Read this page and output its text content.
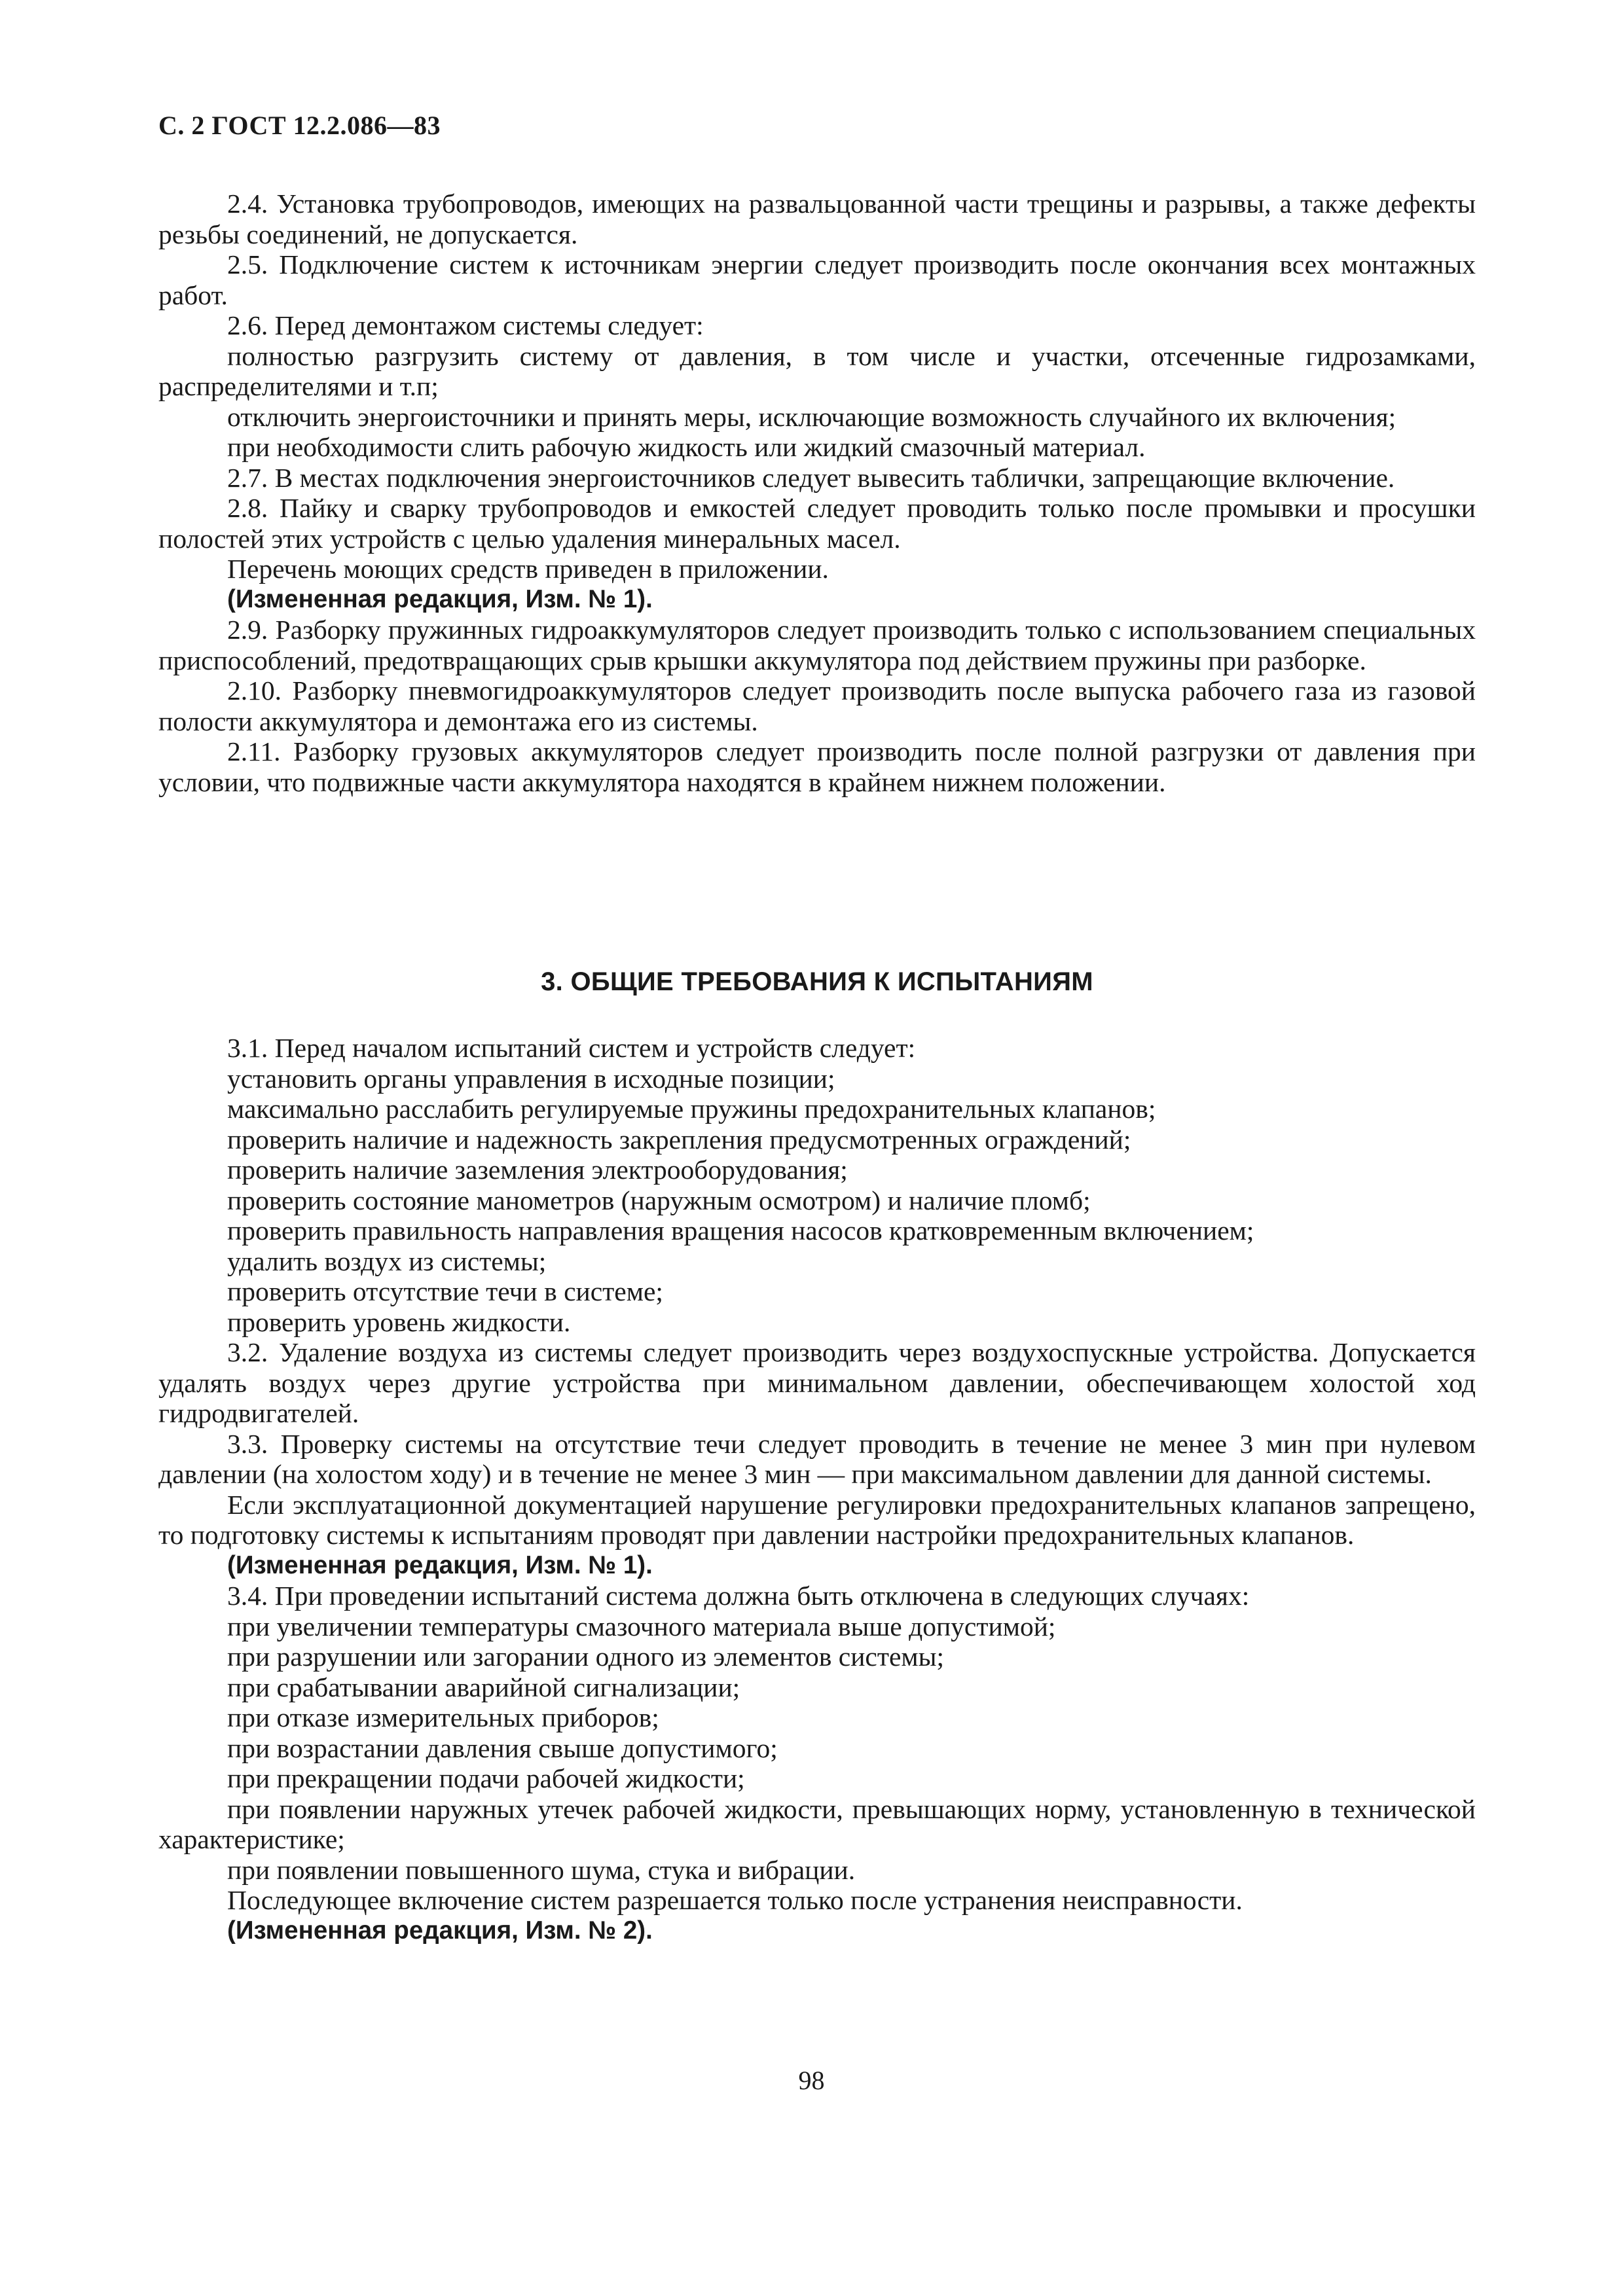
С. 2 ГОСТ 12.2.086—83

2.4. Установка трубопроводов, имеющих на развальцованной части трещины и разрывы, а также дефекты резьбы соединений, не допускается.

2.5. Подключение систем к источникам энергии следует производить после окончания всех монтажных работ.

2.6. Перед демонтажом системы следует:

полностью разгрузить систему от давления, в том числе и участки, отсеченные гидрозамками, распределителями и т.п;

отключить энергоисточники и принять меры, исключающие возможность случайного их включения;

при необходимости слить рабочую жидкость или жидкий смазочный материал.

2.7. В местах подключения энергоисточников следует вывесить таблички, запрещающие включение.

2.8. Пайку и сварку трубопроводов и емкостей следует проводить только после промывки и просушки полостей этих устройств с целью удаления минеральных масел.

Перечень моющих средств приведен в приложении.

(Измененная редакция, Изм. № 1).

2.9. Разборку пружинных гидроаккумуляторов следует производить только с использованием специальных приспособлений, предотвращающих срыв крышки аккумулятора под действием пружины при разборке.

2.10. Разборку пневмогидроаккумуляторов следует производить после выпуска рабочего газа из газовой полости аккумулятора и демонтажа его из системы.

2.11. Разборку грузовых аккумуляторов следует производить после полной разгрузки от давления при условии, что подвижные части аккумулятора находятся в крайнем нижнем положении.

3. ОБЩИЕ ТРЕБОВАНИЯ К ИСПЫТАНИЯМ

3.1. Перед началом испытаний систем и устройств следует:

установить органы управления в исходные позиции;

максимально расслабить регулируемые пружины предохранительных клапанов;

проверить наличие и надежность закрепления предусмотренных ограждений;

проверить наличие заземления электрооборудования;

проверить состояние манометров (наружным осмотром) и наличие пломб;

проверить правильность направления вращения насосов кратковременным включением;

удалить воздух из системы;

проверить отсутствие течи в системе;

проверить уровень жидкости.

3.2. Удаление воздуха из системы следует производить через воздухоспускные устройства. Допускается удалять воздух через другие устройства при минимальном давлении, обеспечивающем холостой ход гидродвигателей.

3.3. Проверку системы на отсутствие течи следует проводить в течение не менее 3 мин при нулевом давлении (на холостом ходу) и в течение не менее 3 мин — при максимальном давлении для данной системы.

Если эксплуатационной документацией нарушение регулировки предохранительных клапанов запрещено, то подготовку системы к испытаниям проводят при давлении настройки предохранительных клапанов.

(Измененная редакция, Изм. № 1).

3.4. При проведении испытаний система должна быть отключена в следующих случаях:

при увеличении температуры смазочного материала выше допустимой;

при разрушении или загорании одного из элементов системы;

при срабатывании аварийной сигнализации;

при отказе измерительных приборов;

при возрастании давления свыше допустимого;

при прекращении подачи рабочей жидкости;

при появлении наружных утечек рабочей жидкости, превышающих норму, установленную в технической характеристике;

при появлении повышенного шума, стука и вибрации.

Последующее включение систем разрешается только после устранения неисправности.

(Измененная редакция, Изм. № 2).

98
